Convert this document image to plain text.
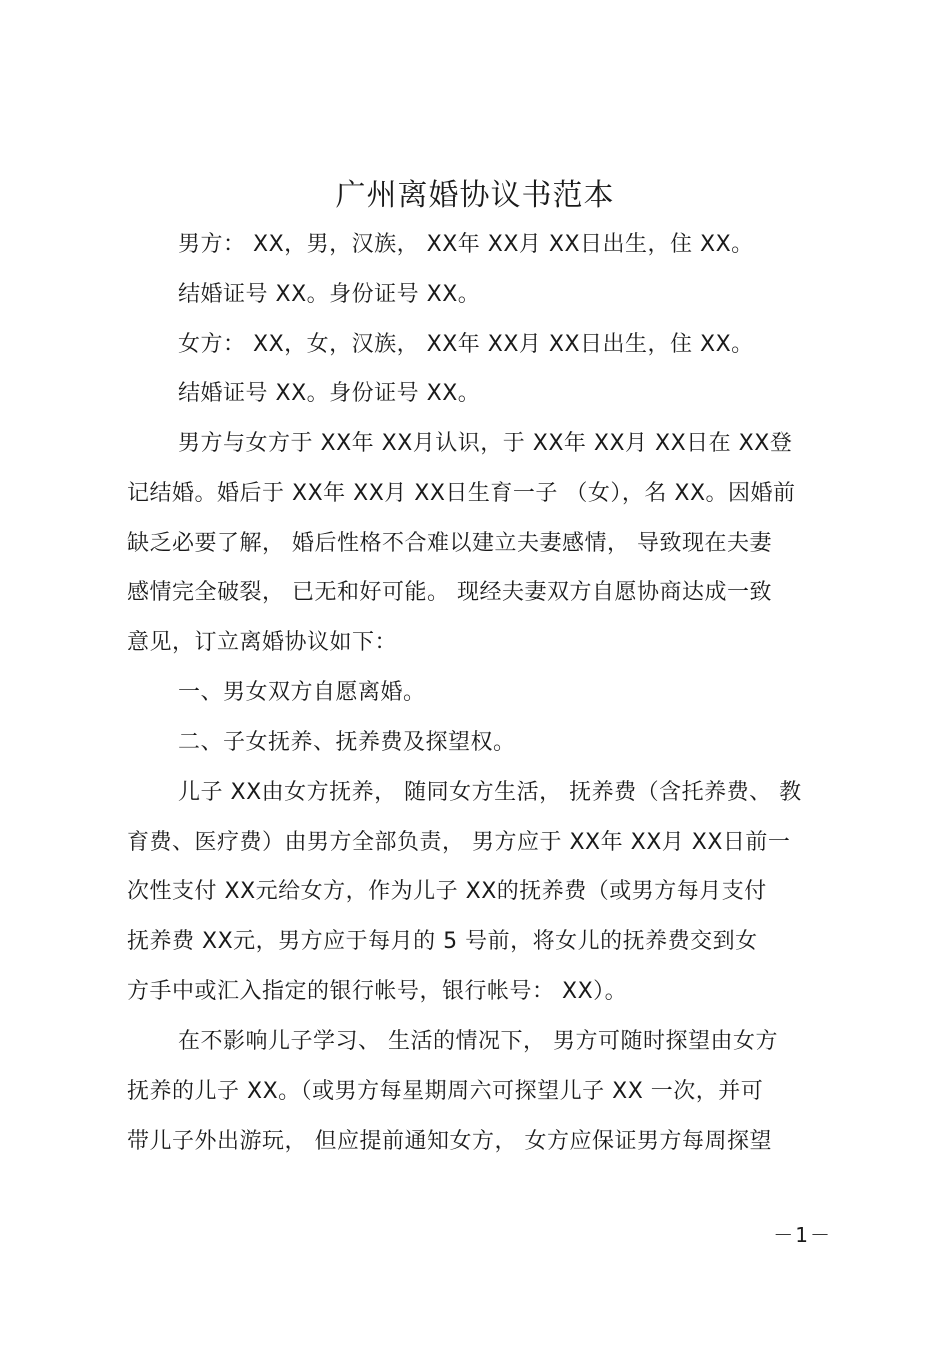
广州离婚协议书范本

男方： XX，男，汉族， XX年 XX月 XX日出生，住 XX。

结婚证号 XX。身份证号 XX。

女方： XX，女，汉族， XX年 XX月 XX日出生，住 XX。

结婚证号 XX。身份证号 XX。

男方与女方于 XX年 XX月认识，于 XX年 XX月 XX日在 XX登

记结婚。婚后于 XX年 XX月 XX日生育一子 （女），名 XX。因婚前

缺乏必要了解， 婚后性格不合难以建立夫妻感情， 导致现在夫妻

感情完全破裂， 已无和好可能。 现经夫妻双方自愿协商达成一致

意见，订立离婚协议如下：

一、男女双方自愿离婚。

二、子女抚养、抚养费及探望权。

儿子 XX由女方抚养， 随同女方生活， 抚养费（含托养费、 教

育费、医疗费）由男方全部负责， 男方应于 XX年 XX月 XX日前一

次性支付 XX元给女方，作为儿子 XX的抚养费（或男方每月支付

抚养费 XX元，男方应于每月的 5 号前，将女儿的抚养费交到女

方手中或汇入指定的银行帐号，银行帐号： XX）。

在不影响儿子学习、 生活的情况下， 男方可随时探望由女方

抚养的儿子 XX。（或男方每星期周六可探望儿子 XX 一次，并可

带儿子外出游玩， 但应提前通知女方， 女方应保证男方每周探望

－1－
